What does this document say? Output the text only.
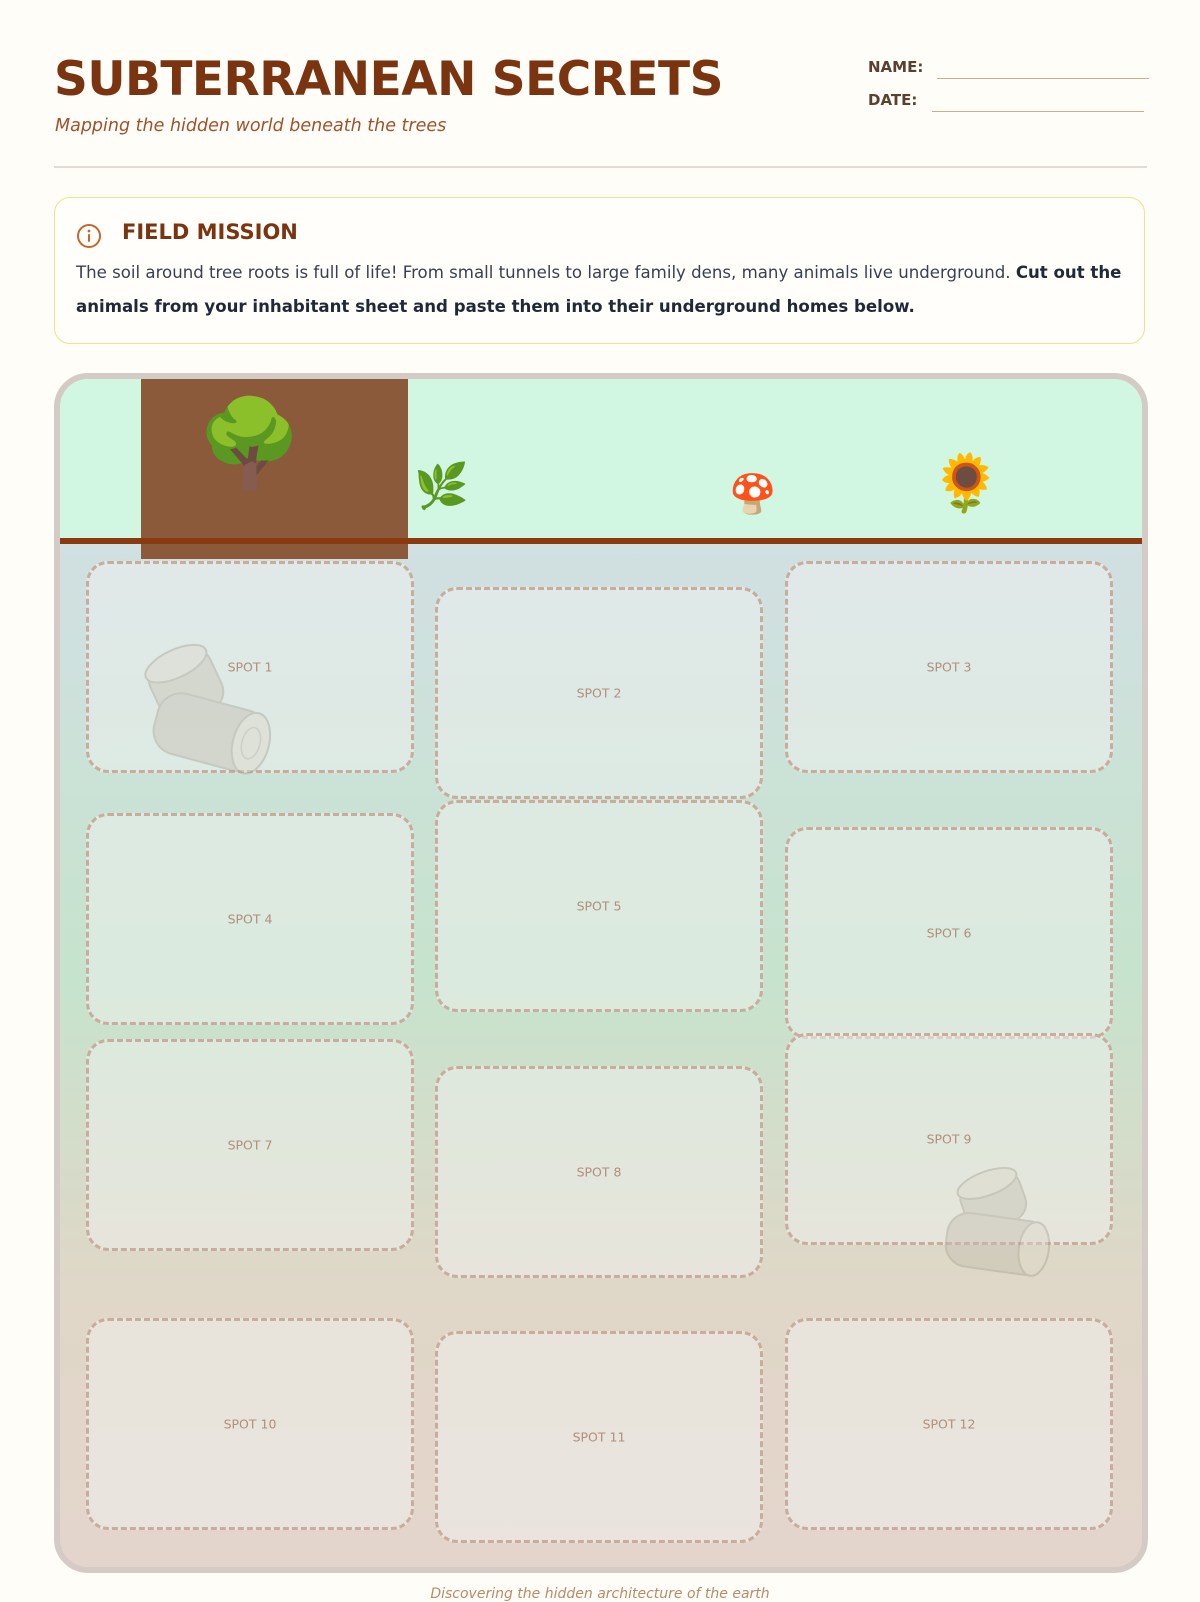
SUBTERRANEAN SECRETS
Mapping the hidden world beneath the trees
NAME:
DATE:
FIELD MISSION
The soil around tree roots is full of life! From small tunnels to large family dens, many animals live underground. Cut out the animals from your inhabitant sheet and paste them into their underground homes below.
🌳	🌿	🍄	🌻
SPOT 1
SPOT 2
SPOT 3
SPOT 4
SPOT 5
SPOT 6
SPOT 7
SPOT 8
SPOT 9
SPOT 10
SPOT 11
SPOT 12
Discovering the hidden architecture of the earth
